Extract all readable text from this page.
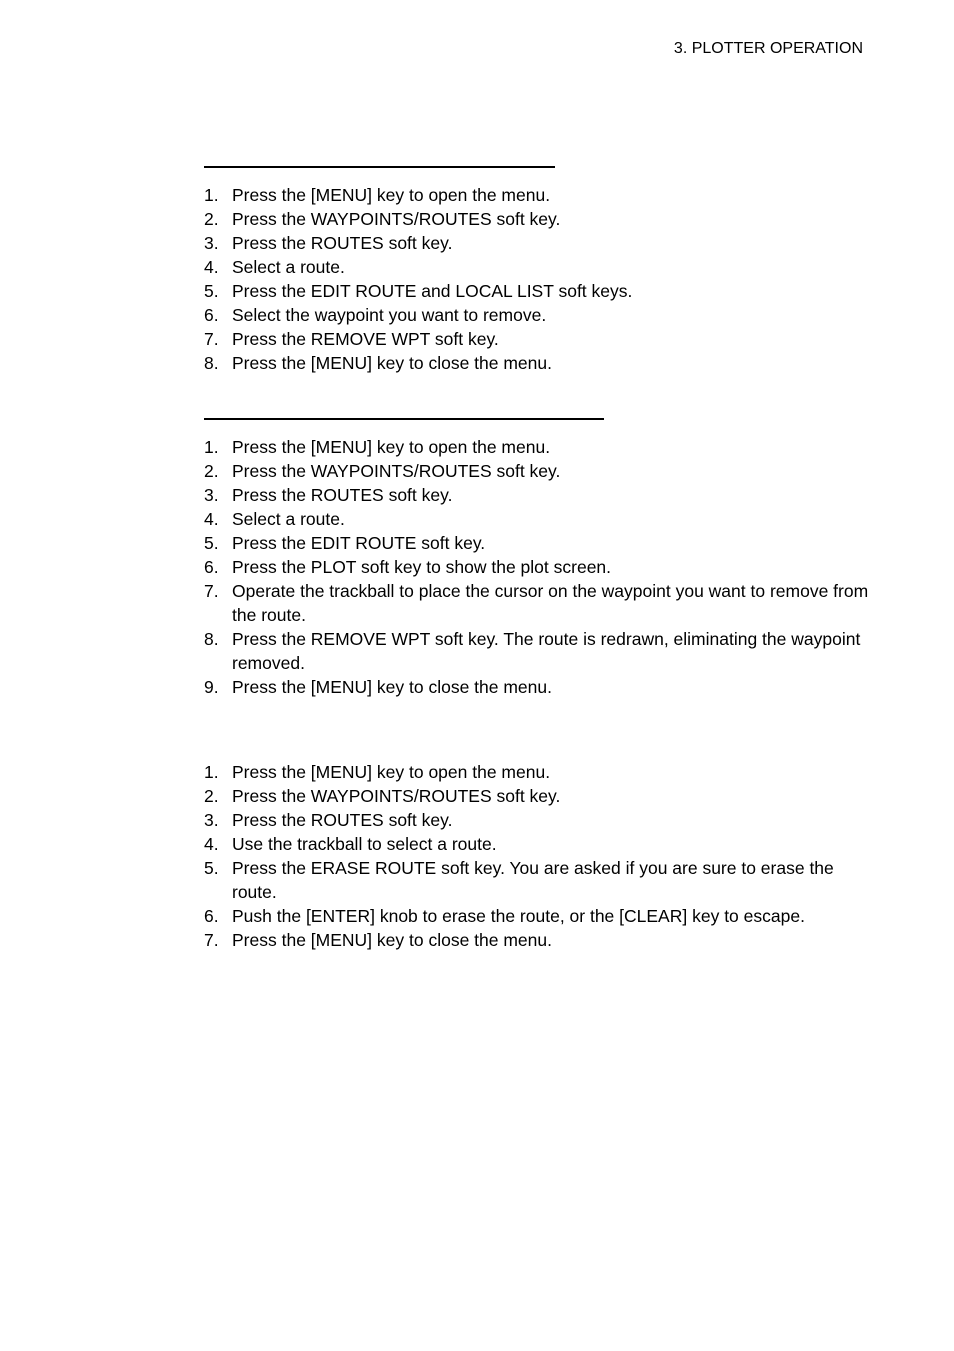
3. PLOTTER OPERATION
1. Press the [MENU] key to open the menu.
2. Press the WAYPOINTS/ROUTES soft key.
3. Press the ROUTES soft key.
4. Select a route.
5. Press the EDIT ROUTE and LOCAL LIST soft keys.
6. Select the waypoint you want to remove.
7. Press the REMOVE WPT soft key.
8. Press the [MENU] key to close the menu.
1. Press the [MENU] key to open the menu.
2. Press the WAYPOINTS/ROUTES soft key.
3. Press the ROUTES soft key.
4. Select a route.
5. Press the EDIT ROUTE soft key.
6. Press the PLOT soft key to show the plot screen.
7. Operate the trackball to place the cursor on the waypoint you want to remove from the route.
8. Press the REMOVE WPT soft key. The route is redrawn, eliminating the waypoint removed.
9. Press the [MENU] key to close the menu.
1. Press the [MENU] key to open the menu.
2. Press the WAYPOINTS/ROUTES soft key.
3. Press the ROUTES soft key.
4. Use the trackball to select a route.
5. Press the ERASE ROUTE soft key. You are asked if you are sure to erase the route.
6. Push the [ENTER] knob to erase the route, or the [CLEAR] key to escape.
7. Press the [MENU] key to close the menu.
